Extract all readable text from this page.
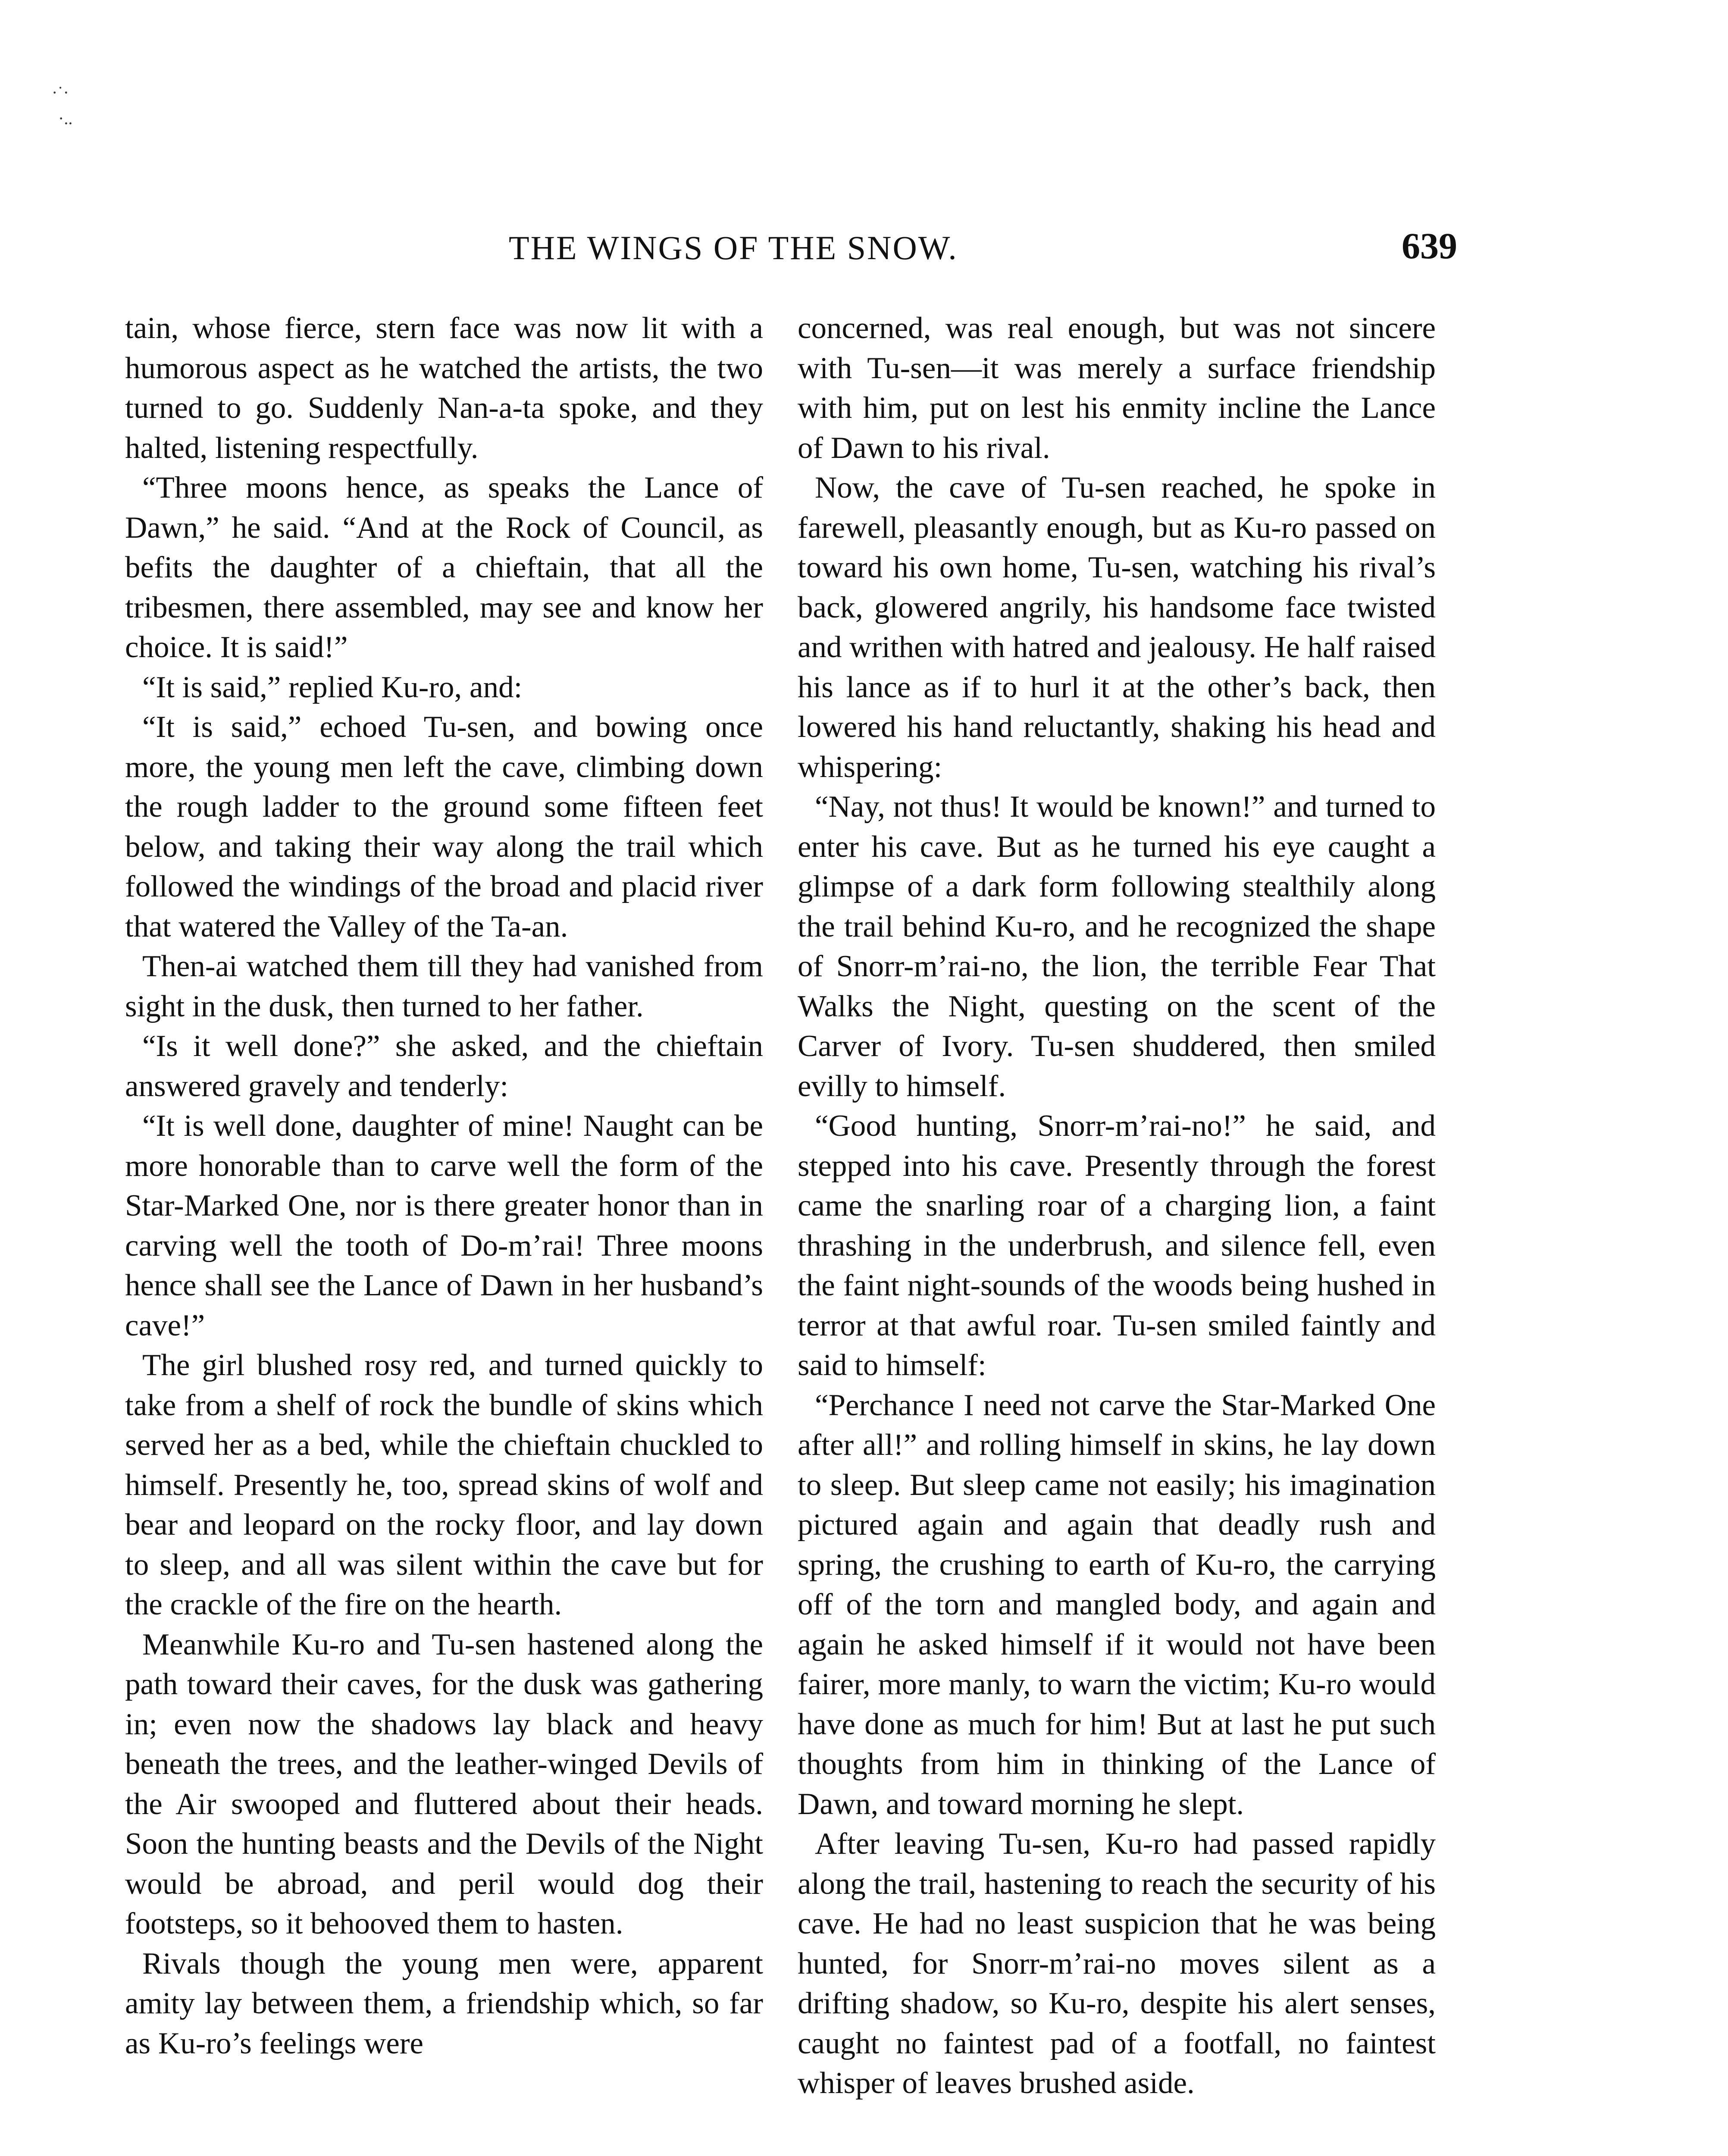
·˙·
·..
THE WINGS OF THE SNOW.	639

tain, whose fierce, stern face was now lit with a humorous aspect as he watched the artists, the two turned to go. Suddenly Nan-a-ta spoke, and they halted, listening respectfully.

“Three moons hence, as speaks the Lance of Dawn,” he said. “And at the Rock of Council, as befits the daughter of a chieftain, that all the tribesmen, there assembled, may see and know her choice. It is said!”

“It is said,” replied Ku-ro, and:

“It is said,” echoed Tu-sen, and bowing once more, the young men left the cave, climbing down the rough ladder to the ground some fifteen feet below, and taking their way along the trail which followed the windings of the broad and placid river that watered the Valley of the Ta-an.

Then-ai watched them till they had vanished from sight in the dusk, then turned to her father.

“Is it well done?” she asked, and the chieftain answered gravely and tenderly:

“It is well done, daughter of mine! Naught can be more honorable than to carve well the form of the Star-Marked One, nor is there greater honor than in carving well the tooth of Do-m’rai! Three moons hence shall see the Lance of Dawn in her husband’s cave!”

The girl blushed rosy red, and turned quickly to take from a shelf of rock the bundle of skins which served her as a bed, while the chieftain chuckled to himself. Presently he, too, spread skins of wolf and bear and leopard on the rocky floor, and lay down to sleep, and all was silent within the cave but for the crackle of the fire on the hearth.

Meanwhile Ku-ro and Tu-sen hastened along the path toward their caves, for the dusk was gathering in; even now the shadows lay black and heavy beneath the trees, and the leather-winged Devils of the Air swooped and fluttered about their heads. Soon the hunting beasts and the Devils of the Night would be abroad, and peril would dog their footsteps, so it behooved them to hasten.

Rivals though the young men were, apparent amity lay between them, a friendship which, so far as Ku-ro’s feelings were

concerned, was real enough, but was not sincere with Tu-sen—it was merely a surface friendship with him, put on lest his enmity incline the Lance of Dawn to his rival.

Now, the cave of Tu-sen reached, he spoke in farewell, pleasantly enough, but as Ku-ro passed on toward his own home, Tu-sen, watching his rival’s back, glowered angrily, his handsome face twisted and writhen with hatred and jealousy. He half raised his lance as if to hurl it at the other’s back, then lowered his hand reluctantly, shaking his head and whispering:

“Nay, not thus! It would be known!” and turned to enter his cave. But as he turned his eye caught a glimpse of a dark form following stealthily along the trail behind Ku-ro, and he recognized the shape of Snorr-m’rai-no, the lion, the terrible Fear That Walks the Night, questing on the scent of the Carver of Ivory. Tu-sen shuddered, then smiled evilly to himself.

“Good hunting, Snorr-m’rai-no!” he said, and stepped into his cave. Presently through the forest came the snarling roar of a charging lion, a faint thrashing in the underbrush, and silence fell, even the faint night-sounds of the woods being hushed in terror at that awful roar. Tu-sen smiled faintly and said to himself:

“Perchance I need not carve the Star-Marked One after all!” and rolling himself in skins, he lay down to sleep. But sleep came not easily; his imagination pictured again and again that deadly rush and spring, the crushing to earth of Ku-ro, the carrying off of the torn and mangled body, and again and again he asked himself if it would not have been fairer, more manly, to warn the victim; Ku-ro would have done as much for him! But at last he put such thoughts from him in thinking of the Lance of Dawn, and toward morning he slept.

After leaving Tu-sen, Ku-ro had passed rapidly along the trail, hastening to reach the security of his cave. He had no least suspicion that he was being hunted, for Snorr-m’rai-no moves silent as a drifting shadow, so Ku-ro, despite his alert senses, caught no faintest pad of a footfall, no faintest whisper of leaves brushed aside.
